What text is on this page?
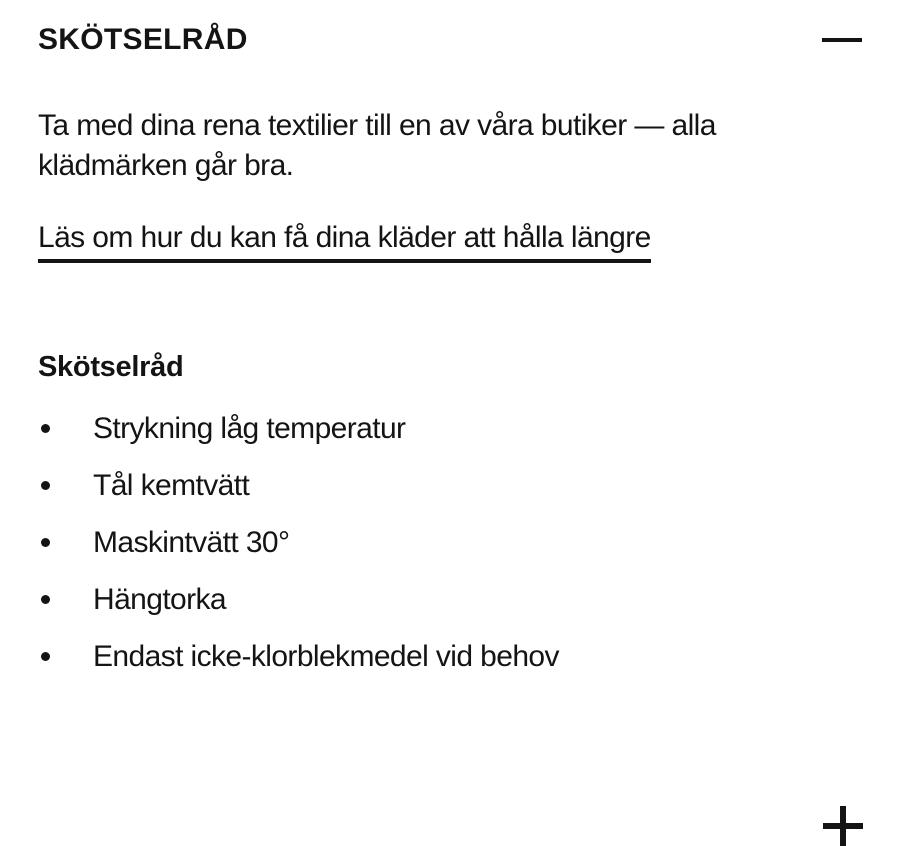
SKÖTSELRÅD

Ta med dina rena textilier till en av våra butiker — alla klädmärken går bra.

Läs om hur du kan få dina kläder att hålla längre
Skötselråd
Strykning låg temperatur
Tål kemtvätt
Maskintvätt 30°
Hängtorka
Endast icke-klorblekmedel vid behov
